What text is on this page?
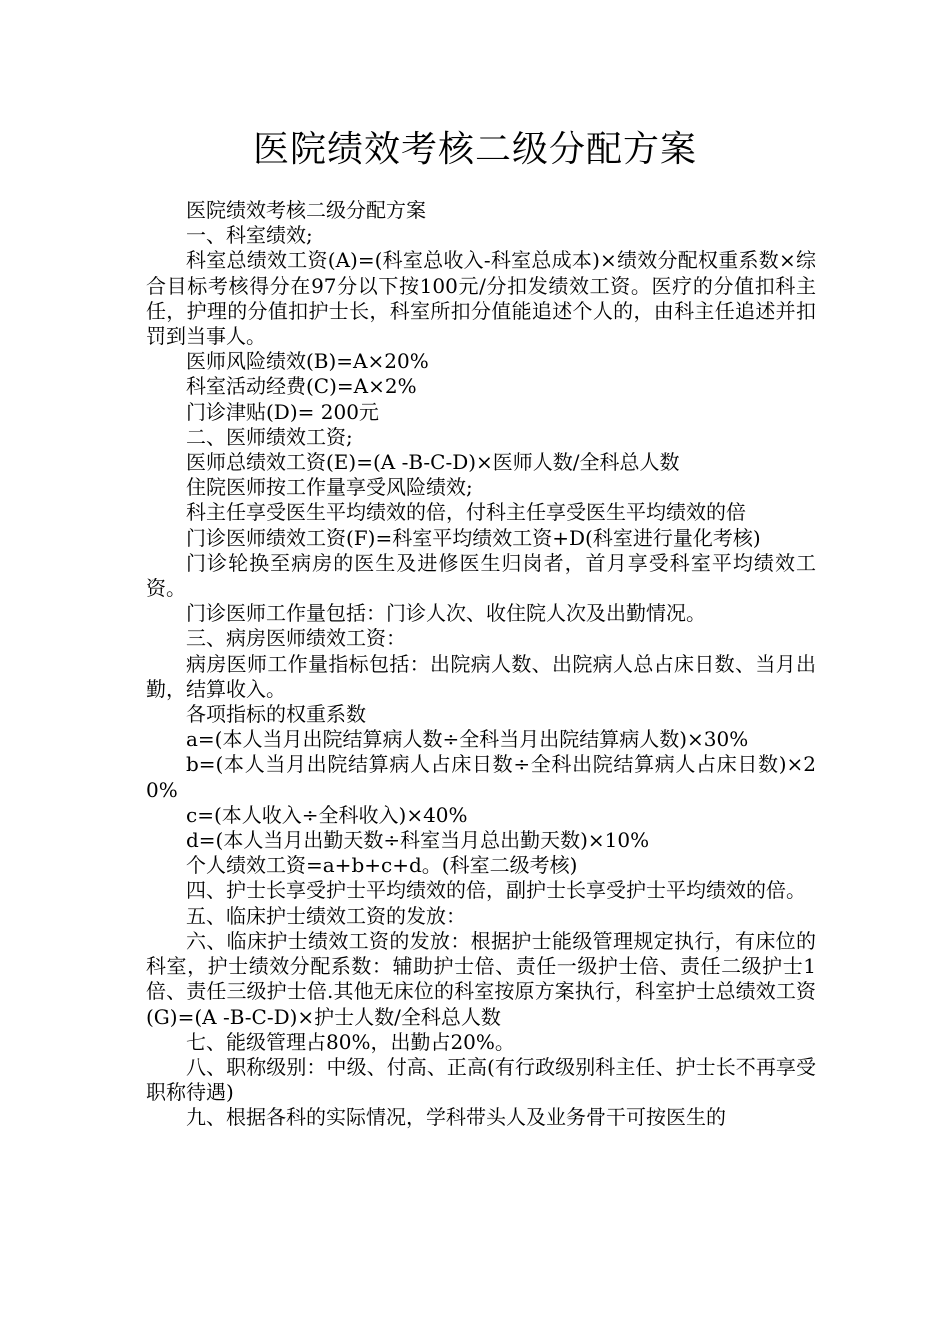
医院绩效考核二级分配方案

医院绩效考核二级分配方案

一、科室绩效;

科室总绩效工资(A)=(科室总收入-科室总成本)×绩效分配权重系数×综合目标考核得分在97分以下按100元/分扣发绩效工资。医疗的分值扣科主任，护理的分值扣护士长，科室所扣分值能追述个人的，由科主任追述并扣罚到当事人。

医师风险绩效(B)=A×20%

科室活动经费(C)=A×2%

门诊津贴(D)= 200元

二、医师绩效工资;

医师总绩效工资(E)=(A -B-C-D)×医师人数/全科总人数

住院医师按工作量享受风险绩效;

科主任享受医生平均绩效的倍，付科主任享受医生平均绩效的倍

门诊医师绩效工资(F)=科室平均绩效工资+D(科室进行量化考核)

门诊轮换至病房的医生及进修医生归岗者，首月享受科室平均绩效工资。

门诊医师工作量包括：门诊人次、收住院人次及出勤情况。

三、病房医师绩效工资：

病房医师工作量指标包括：出院病人数、出院病人总占床日数、当月出勤，结算收入。

各项指标的权重系数

a=(本人当月出院结算病人数÷全科当月出院结算病人数)×30%

b=(本人当月出院结算病人占床日数÷全科出院结算病人占床日数)×20%

c=(本人收入÷全科收入)×40%

d=(本人当月出勤天数÷科室当月总出勤天数)×10%

个人绩效工资=a+b+c+d。(科室二级考核)

四、护士长享受护士平均绩效的倍，副护士长享受护士平均绩效的倍。

五、临床护士绩效工资的发放：

六、临床护士绩效工资的发放：根据护士能级管理规定执行，有床位的科室，护士绩效分配系数：辅助护士倍、责任一级护士倍、责任二级护士1倍、责任三级护士倍.其他无床位的科室按原方案执行，科室护士总绩效工资(G)=(A -B-C-D)×护士人数/全科总人数

七、能级管理占80%，出勤占20%。

八、职称级别：中级、付高、正高(有行政级别科主任、护士长不再享受职称待遇)

九、根据各科的实际情况，学科带头人及业务骨干可按医生的
